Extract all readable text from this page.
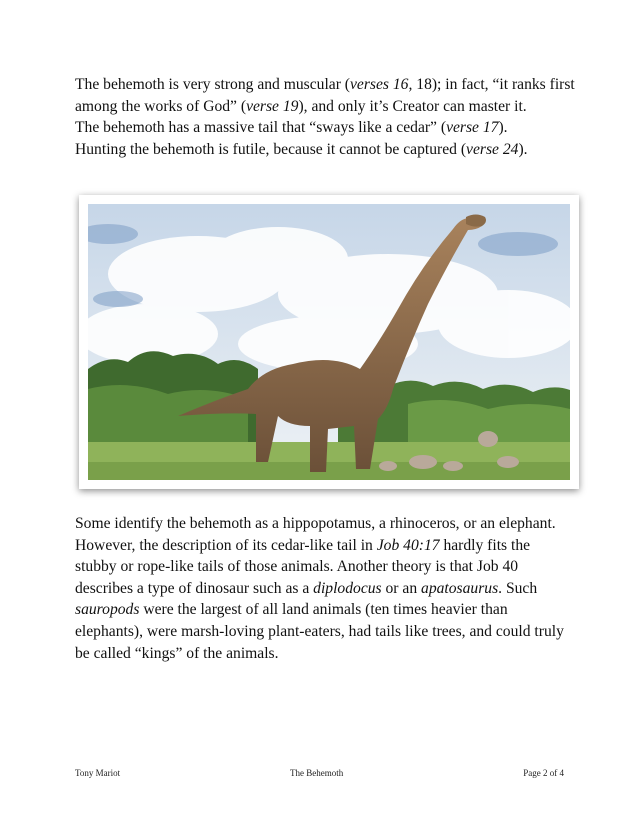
The behemoth is very strong and muscular (verses 16, 18); in fact, “it ranks first among the works of God” (verse 19), and only it’s Creator can master it.
The behemoth has a massive tail that “sways like a cedar” (verse 17).
Hunting the behemoth is futile, because it cannot be captured (verse 24).

Some identify the behemoth as a hippopotamus, a rhinoceros, or an elephant. However, the description of its cedar-like tail in Job 40:17 hardly fits the stubby or rope-like tails of those animals. Another theory is that Job 40 describes a type of dinosaur such as a diplodocus or an apatosaurus. Such sauropods were the largest of all land animals (ten times heavier than elephants), were marsh-loving plant-eaters, had tails like trees, and could truly be called “kings” of the animals.

Tony Mariot	The Behemoth	Page 2 of 4
